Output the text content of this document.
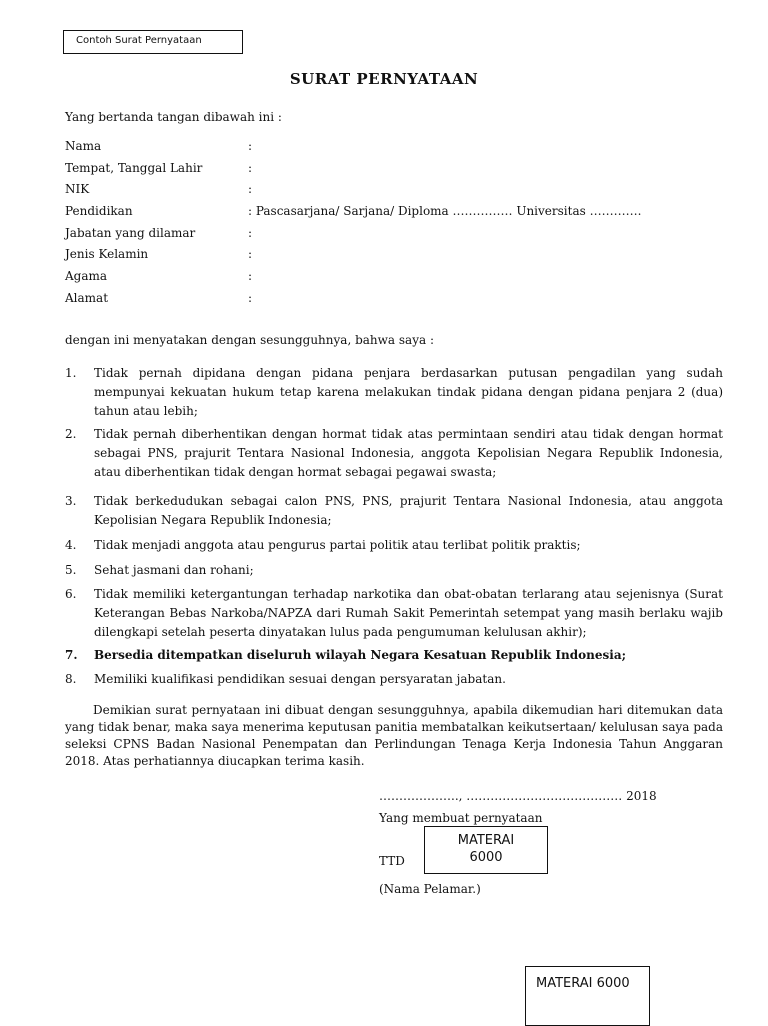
Contoh Surat Pernyataan
SURAT PERNYATAAN
Yang bertanda tangan dibawah ini :
Nama	:
Tempat, Tanggal Lahir	:
NIK	:
Pendidikan	: Pascasarjana/ Sarjana/ Diploma …………… Universitas ………….
Jabatan yang dilamar	:
Jenis Kelamin	:
Agama	:
Alamat	:
dengan ini menyatakan dengan sesungguhnya, bahwa saya :
1.	Tidak pernah dipidana dengan pidana penjara berdasarkan putusan pengadilan yang sudah mempunyai kekuatan hukum tetap karena melakukan tindak pidana dengan pidana penjara 2 (dua) tahun atau lebih;
2.	Tidak pernah diberhentikan dengan hormat tidak atas permintaan sendiri atau tidak dengan hormat sebagai PNS, prajurit Tentara Nasional Indonesia, anggota Kepolisian Negara Republik Indonesia, atau diberhentikan tidak dengan hormat sebagai pegawai swasta;
3.	Tidak berkedudukan sebagai calon PNS, PNS, prajurit Tentara Nasional Indonesia, atau anggota Kepolisian Negara Republik Indonesia;
4.	Tidak menjadi anggota atau pengurus partai politik atau terlibat politik praktis;
5.	Sehat jasmani dan rohani;
6.	Tidak memiliki ketergantungan terhadap narkotika dan obat-obatan terlarang atau sejenisnya (Surat Keterangan Bebas Narkoba/NAPZA dari Rumah Sakit Pemerintah setempat yang masih berlaku wajib dilengkapi setelah peserta dinyatakan lulus pada pengumuman kelulusan akhir);
7.	Bersedia ditempatkan diseluruh wilayah Negara Kesatuan Republik Indonesia;
8.	Memiliki kualifikasi pendidikan sesuai dengan persyaratan jabatan.
Demikian surat pernyataan ini dibuat dengan sesungguhnya, apabila dikemudian hari ditemukan data yang tidak benar, maka saya menerima keputusan panitia membatalkan keikutsertaan/ kelulusan saya pada seleksi CPNS Badan Nasional Penempatan dan Perlindungan Tenaga Kerja Indonesia Tahun Anggaran 2018. Atas perhatiannya diucapkan terima kasih.
……………….., ………………………………… 2018
Yang membuat pernyataan
TTD
MATERAI
6000
(Nama Pelamar.)
MATERAI 6000
